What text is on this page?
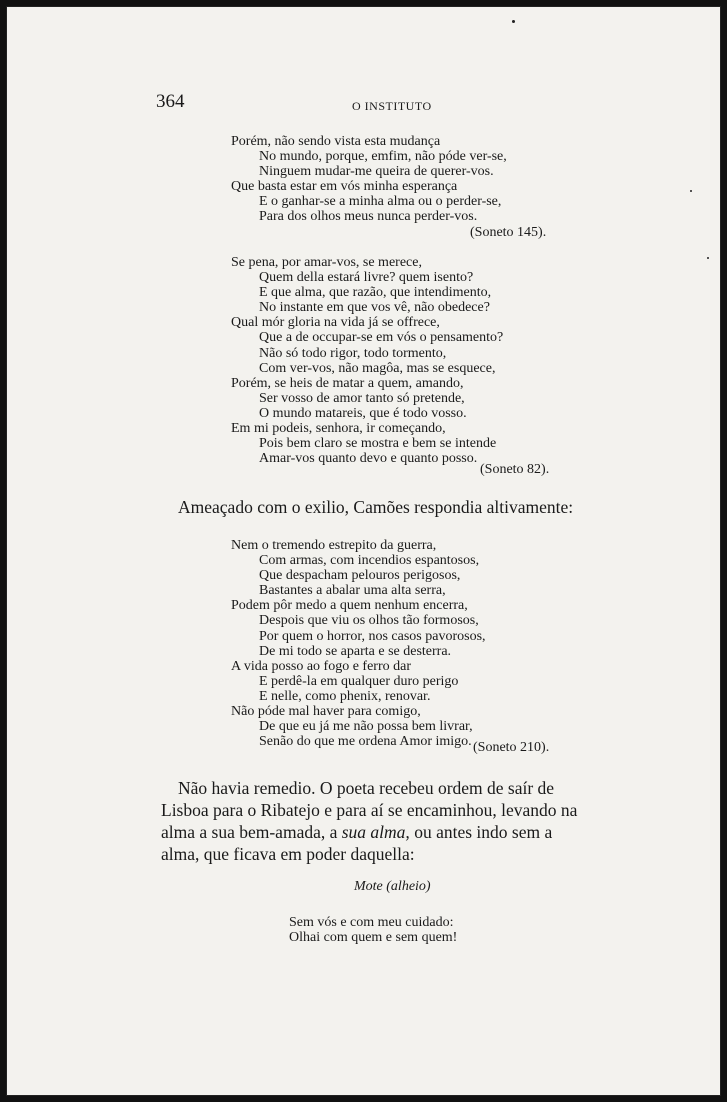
364	O INSTITUTO
Porém, não sendo vista esta mudança
No mundo, porque, emfim, não póde ver-se,
Ninguem mudar-me queira de querer-vos.
Que basta estar em vós minha esperança
E o ganhar-se a minha alma ou o perder-se,
Para dos olhos meus nunca perder-vos.
(Soneto 145).
Se pena, por amar-vos, se merece,
Quem della estará livre? quem isento?
E que alma, que razão, que intendimento,
No instante em que vos vê, não obedece?
Qual mór gloria na vida já se offrece,
Que a de occupar-se em vós o pensamento?
Não só todo rigor, todo tormento,
Com ver-vos, não magôa, mas se esquece,
Porém, se heis de matar a quem, amando,
Ser vosso de amor tanto só pretende,
O mundo matareis, que é todo vosso.
Em mi podeis, senhora, ir começando,
Pois bem claro se mostra e bem se intende
Amar-vos quanto devo e quanto posso.
(Soneto 82).
Ameaçado com o exilio, Camões respondia altivamente:
Nem o tremendo estrepito da guerra,
Com armas, com incendios espantosos,
Que despacham pelouros perigosos,
Bastantes a abalar uma alta serra,
Podem pôr medo a quem nenhum encerra,
Despois que viu os olhos tão formosos,
Por quem o horror, nos casos pavorosos,
De mi todo se aparta e se desterra.
A vida posso ao fogo e ferro dar
E perdê-la em qualquer duro perigo
E nelle, como phenix, renovar.
Não póde mal haver para comigo,
De que eu já me não possa bem livrar,
Senão do que me ordena Amor imigo. (Soneto 210).
Não havia remedio. O poeta recebeu ordem de saír de
Lisboa para o Ribatejo e para aí se encaminhou, levando na
alma a sua bem-amada, a sua alma, ou antes indo sem a
alma, que ficava em poder daquella:
Mote (alheio)
Sem vós e com meu cuidado:
Olhai com quem e sem quem!
